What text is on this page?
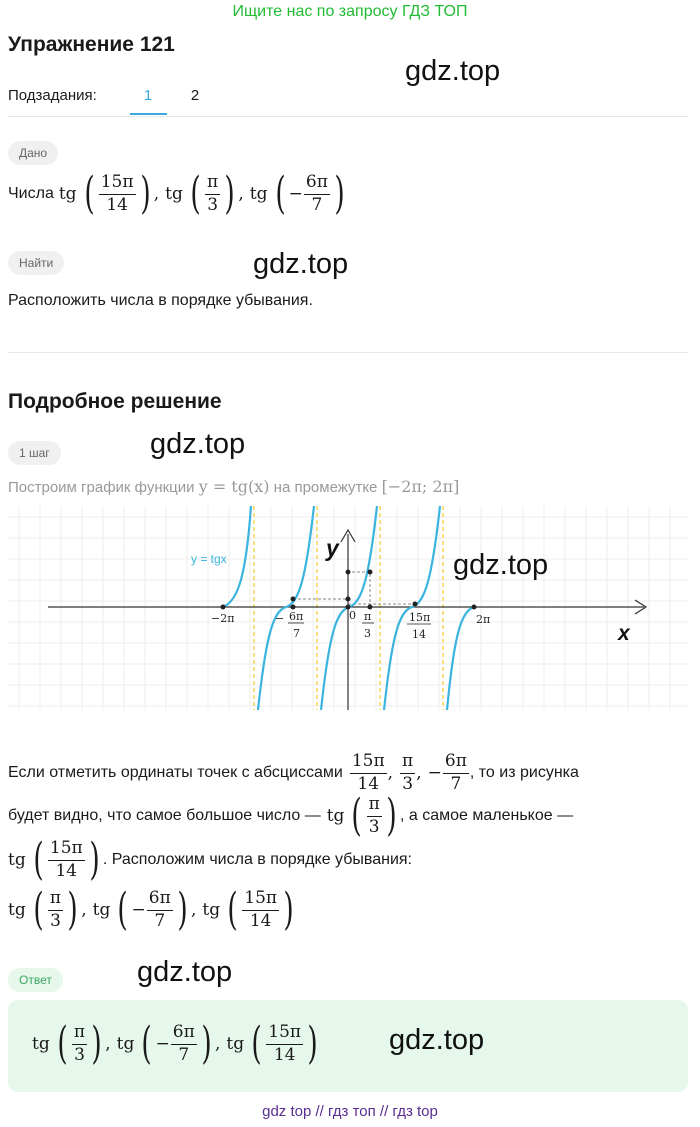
Ищите нас по запросу ГДЗ ТОП
Упражнение 121
gdz.top
Подзадания:	1	2
Дано
Числа tg ( $\frac{15\pi}{14}$ ) , tg ( $\frac{\pi}{3}$ ) , tg ( − $\frac{6\pi}{7}$ )
Найти	gdz.top
Расположить числа в порядке убывания.
Подробное решение
1 шаг	gdz.top
Построим график функции y = tg(x) на промежутке [−2π; 2π]
y = tgx	y
x
−2π	− 6π
7
0 π
3
15π
14
2π
gdz.top
Если отметить ординаты точек с абсциссами $\frac{15\pi}{14}$ , $\frac{\pi}{3}$ , − $\frac{6\pi}{7}$ , то из рисунка
будет видно, что самое большое число — tg ( $\frac{\pi}{3}$ ) , а самое маленькое —
tg ( $\frac{15\pi}{14}$ ) . Расположим числа в порядке убывания:
tg ( $\frac{\pi}{3}$ ) , tg ( − $\frac{6\pi}{7}$ ) , tg ( $\frac{15\pi}{14}$ )
Ответ	gdz.top
tg ( $\frac{\pi}{3}$ ) , tg ( − $\frac{6\pi}{7}$ ) , tg ( $\frac{15\pi}{14}$ ) gdz.top
gdz top // гдз топ // гдз top
